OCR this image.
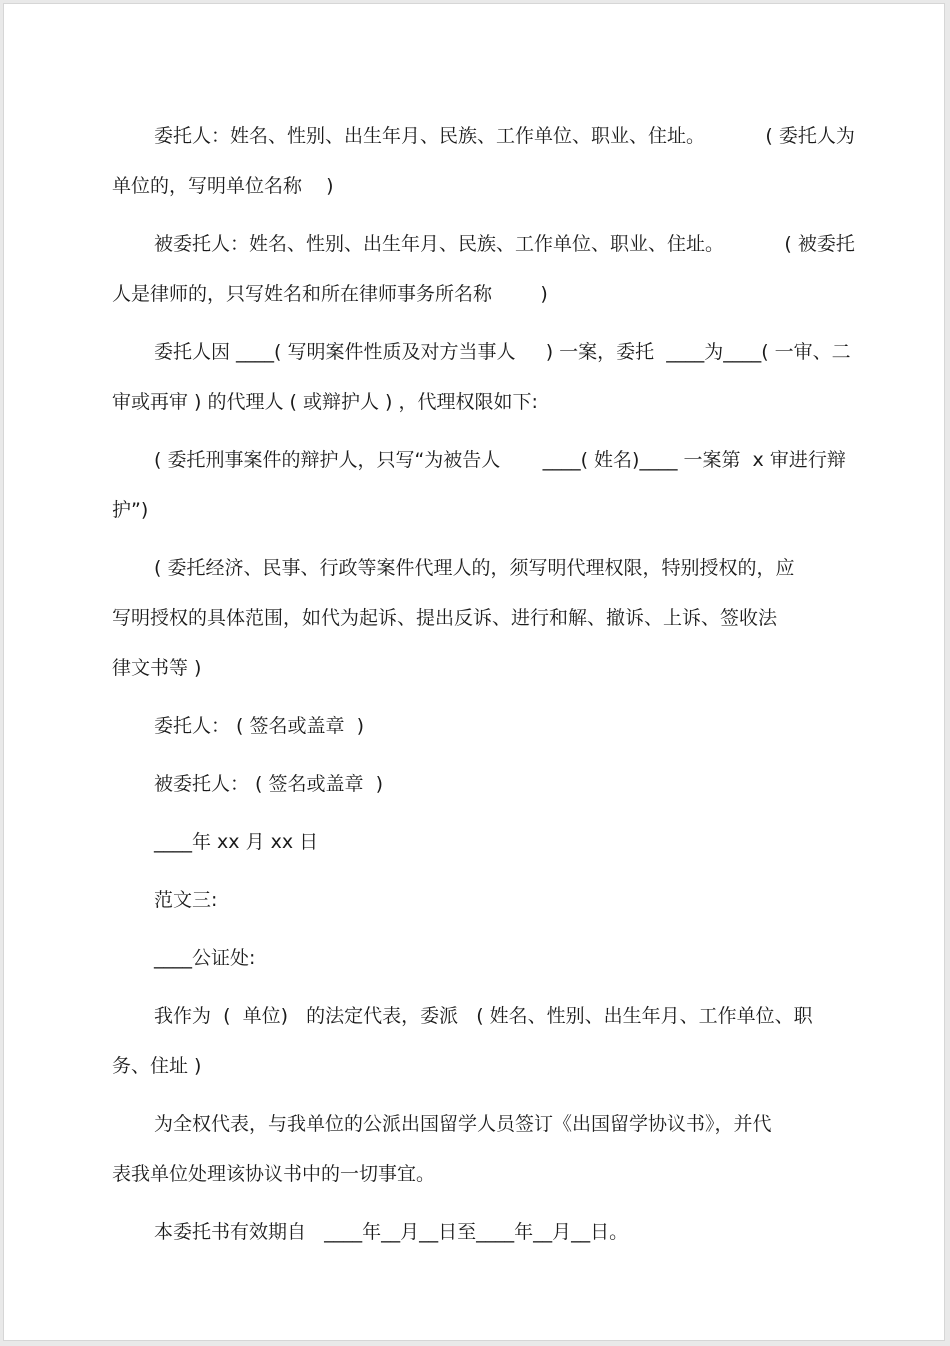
委托人：姓名、性别、出生年月、民族、工作单位、职业、住址。          ( 委托人为
单位的，写明单位名称    )
被委托人：姓名、性别、出生年月、民族、工作单位、职业、住址。          ( 被委托
人是律师的，只写姓名和所在律师事务所名称        )
委托人因 ____( 写明案件性质及对方当事人     ) 一案，委托  ____为____( 一审、二
审或再审 ) 的代理人 ( 或辩护人 ) ，代理权限如下:
( 委托刑事案件的辩护人，只写“为被告人       ____( 姓名)____ 一案第  x 审进行辩
护”)
( 委托经济、民事、行政等案件代理人的，须写明代理权限，特别授权的，应
写明授权的具体范围，如代为起诉、提出反诉、进行和解、撤诉、上诉、签收法
律文书等 )
委托人： ( 签名或盖章  )
被委托人： ( 签名或盖章  )
____年 xx 月 xx 日
范文三:
____公证处:
我作为  (  单位)   的法定代表，委派   ( 姓名、性别、出生年月、工作单位、职
务、住址 )
为全权代表，与我单位的公派出国留学人员签订《出国留学协议书》，并代
表我单位处理该协议书中的一切事宜。
本委托书有效期自   ____年__月__日至____年__月__日。
